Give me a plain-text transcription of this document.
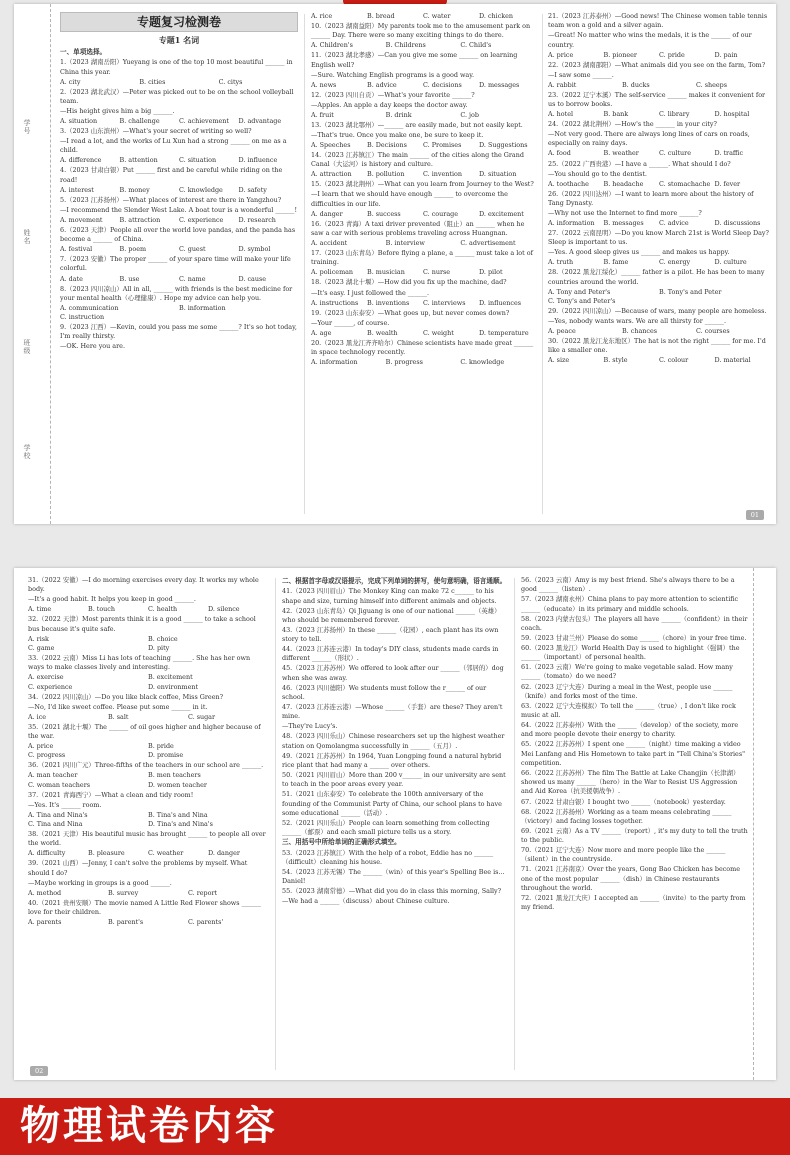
学号
姓名
班级
学校
专题复习检测卷
专题1 名词
一、单项选择。
1.（2023 湖南岳阳）Yueyang is one of the top 10 most beautiful ______ in China this year.
A. city	B. cities	C. citys
2.（2023 湖北武汉）—Peter was picked out to be on the school volleyball team.
—His height gives him a big ______.
A. situation	B. challenge	C. achievement	D. advantage
3.（2023 山东滨州）—What's your secret of writing so well?
—I read a lot, and the works of Lu Xun had a strong ______ on me as a child.
A. difference	B. attention	C. situation	D. influence
4.（2023 甘肃白银）Put ______ first and be careful while riding on the road!
A. interest	B. money	C. knowledge	D. safety
5.（2023 江苏扬州）—What places of interest are there in Yangzhou?
—I recommend the Slender West Lake. A boat tour is a wonderful ______!
A. movement	B. attraction	C. experience	D. research
6.（2023 天津）People all over the world love pandas, and the panda has become a ______ of China.
A. festival	B. poem	C. guest	D. symbol
7.（2023 安徽）The proper ______ of your spare time will make your life colorful.
A. date	B. use	C. name	D. cause
8.（2023 四川凉山）All in all, ______ with friends is the best medicine for your mental health（心理健康）. Hope my advice can help you.
A. communication	B. information
C. instruction
9.（2023 江西）—Kevin, could you pass me some ______? It's so hot today, I'm really thirsty.
—OK. Here you are.
A. rice	B. bread	C. water	D. chicken
10.（2023 湖南益阳）My parents took me to the amusement park on ______ Day. There were so many exciting things to do there.
A. Children's	B. Childrens	C. Child's
11.（2023 湖北孝感）—Can you give me some ______ on learning English well?
—Sure. Watching English programs is a good way.
A. news	B. advice	C. decisions	D. messages
12.（2023 四川自贡）—What's your favorite ______?
—Apples. An apple a day keeps the doctor away.
A. fruit	B. drink	C. job
13.（2023 湖北鄂州）—______ are easily made, but not easily kept.
—That's true. Once you make one, be sure to keep it.
A. Speeches	B. Decisions	C. Promises	D. Suggestions
14.（2023 江苏镇江）The main ______ of the cities along the Grand Canal（大运河）is history and culture.
A. attraction	B. pollution	C. invention	D. situation
15.（2023 湖北荆州）—What can you learn from Journey to the West?
—I learn that we should have enough ______ to overcome the difficulties in our life.
A. danger	B. success	C. courage	D. excitement
16.（2023 青海）A taxi driver prevented（阻止）an ______ when he saw a car with serious problems traveling across Huangnan.
A. accident	B. interview	C. advertisement
17.（2023 山东青岛）Before flying a plane, a ______ must take a lot of training.
A. policeman	B. musician	C. nurse	D. pilot
18.（2023 湖北十堰）—How did you fix up the machine, dad?
—It's easy. I just followed the ______.
A. instructions	B. inventions	C. interviews	D. influences
19.（2023 山东泰安）—What goes up, but never comes down?
—Your ______, of course.
A. age	B. wealth	C. weight	D. temperature
20.（2023 黑龙江齐齐哈尔）Chinese scientists have made great ______ in space technology recently.
A. information	B. progress	C. knowledge
21.（2023 江苏泰州）—Good news! The Chinese women table tennis team won a gold and a silver again.
—Great! No matter who wins the medals, it is the ______ of our country.
A. price	B. pioneer	C. pride	D. pain
22.（2023 湖南邵阳）—What animals did you see on the farm, Tom?
—I saw some ______.
A. rabbit	B. ducks	C. sheeps
23.（2022 辽宁本溪）The self-service ______ makes it convenient for us to borrow books.
A. hotel	B. bank	C. library	D. hospital
24.（2022 湖北荆州）—How's the ______ in your city?
—Not very good. There are always long lines of cars on roads, especially on rainy days.
A. food	B. weather	C. culture	D. traffic
25.（2022 广西贵港）—I have a ______. What should I do?
—You should go to the dentist.
A. toothache	B. headache	C. stomachache D. fever
26.（2022 四川达州）—I want to learn more about the history of Tang Dynasty.
—Why not use the Internet to find more ______?
A. information	B. messages	C. advice	D. discussions
27.（2022 云南昆明）—Do you know March 21st is World Sleep Day? Sleep is important to us.
—Yes. A good sleep gives us ______ and makes us happy.
A. truth	B. fame	C. energy	D. culture
28.（2022 黑龙江绥化）______ father is a pilot. He has been to many countries around the world.
A. Tony and Peter's	B. Tony's and Peter
C. Tony's and Peter's
29.（2022 四川凉山）—Because of wars, many people are homeless.
—Yes, nobody wants wars. We are all thirsty for ______.
A. peace	B. chances	C. courses
30.（2022 黑龙江龙东地区）The hat is not the right ______ for me. I'd like a smaller one.
A. size	B. style	C. colour	D. material
01
31.（2022 安徽）—I do morning exercises every day. It works my whole body.
—It's a good habit. It helps you keep in good ______.
A. time	B. touch	C. health	D. silence
32.（2022 天津）Most parents think it is a good ______ to take a school bus because it's quite safe.
A. risk	B. choice
C. game	D. pity
33.（2022 云南）Miss Li has lots of teaching ______. She has her own ways to make classes lively and interesting.
A. exercise	B. excitement
C. experience	D. environment
34.（2022 四川凉山）—Do you like black coffee, Miss Green?
—No, I'd like sweet coffee. Please put some ______ in it.
A. ice	B. salt	C. sugar
35.（2021 湖北十堰）The ______ of oil goes higher and higher because of the war.
A. price	B. pride
C. progress	D. promise
36.（2021 四川广元）Three-fifths of the teachers in our school are ______.
A. man teacher	B. men teachers
C. woman teachers	D. women teacher
37.（2021 青海西宁）—What a clean and tidy room!
—Yes. It's ______ room.
A. Tina and Nina's	B. Tina's and Nina
C. Tina and Nina	D. Tina's and Nina's
38.（2021 天津）His beautiful music has brought ______ to people all over the world.
A. difficulty	B. pleasure	C. weather	D. danger
39.（2021 山西）—Jenny, I can't solve the problems by myself. What should I do?
—Maybe working in groups is a good ______.
A. method	B. survey	C. report
40.（2021 贵州安顺）The movie named A Little Red Flower shows ______ love for their children.
A. parents	B. parent's	C. parents'
二、根据首字母或汉语提示，完成下列单词的拼写，使句意明确，语言通顺。
41.（2023 四川眉山）The Monkey King can make 72 c______ to his shape and size, turning himself into different animals and objects.
42.（2023 山东青岛）Qi Jiguang is one of our national ______（英雄）who should be remembered forever.
43.（2023 江苏扬州）In these ______（花园）, each plant has its own story to tell.
44.（2023 江苏连云港）In today's DIY class, students made cards in different ______（形状）.
45.（2023 江苏苏州）We offered to look after our ______（邻居的）dog when she was away.
46.（2023 四川德阳）We students must follow the r______ of our school.
47.（2023 江苏连云港）—Whose ______（手套）are these? They aren't mine.
—They're Lucy's.
48.（2023 四川乐山）Chinese researchers set up the highest weather station on Qomolangma successfully in ______（五月）.
49.（2021 江苏苏州）In 1964, Yuan Longping found a natural hybrid rice plant that had many a ______ over others.
50.（2021 四川眉山）More than 200 v______ in our university are sent to teach in the poor areas every year.
51.（2021 山东泰安）To celebrate the 100th anniversary of the founding of the Communist Party of China, our school plans to have some educational ______（活动）.
52.（2021 四川乐山）People can learn something from collecting ______（邮票）and each small picture tells us a story.
三、用括号中所给单词的正确形式填空。
53.（2023 江苏镇江）With the help of a robot, Eddie has no ______（difficult）cleaning his house.
54.（2023 江苏无锡）The ______（win）of this year's Spelling Bee is... Daniel!
55.（2023 湖南常德）—What did you do in class this morning, Sally?
—We had a ______（discuss）about Chinese culture.
56.（2023 云南）Amy is my best friend. She's always there to be a good ______（listen）.
57.（2023 湖南永州）China plans to pay more attention to scientific ______（educate）in its primary and middle schools.
58.（2023 内蒙古包头）The players all have ______（confident）in their coach.
59.（2023 甘肃兰州）Please do some ______（chore）in your free time.
60.（2023 黑龙江）World Health Day is used to highlight（强调）the ______（important）of personal health.
61.（2023 云南）We're going to make vegetable salad. How many ______（tomato）do we need?
62.（2023 辽宁大连）During a meal in the West, people use ______（knife）and forks most of the time.
63.（2022 辽宁大连模拟）To tell the ______（true）, I don't like rock music at all.
64.（2022 江苏泰州）With the ______（develop）of the society, more and more people devote their energy to charity.
65.（2022 江苏苏州）I spent one ______（night）time making a video Mei Lanfang and His Hometown to take part in "Tell China's Stories" competition.
66.（2022 江苏苏州）The film The Battle at Lake Changjin（长津湖）showed us many ______（hero）in the War to Resist US Aggression and Aid Korea（抗美援朝战争）.
67.（2022 甘肃白银）I bought two ______（notebook）yesterday.
68.（2022 江苏扬州）Working as a team means celebrating ______（victory）and facing losses together.
69.（2021 云南）As a TV ______（report）, it's my duty to tell the truth to the public.
70.（2021 辽宁大连）Now more and more people like the ______（silent）in the countryside.
71.（2021 江苏南京）Over the years, Gong Bao Chicken has become one of the most popular ______（dish）in Chinese restaurants throughout the world.
72.（2021 黑龙江大庆）I accepted an ______（invite）to the party from my friend.
02
物理试卷内容
